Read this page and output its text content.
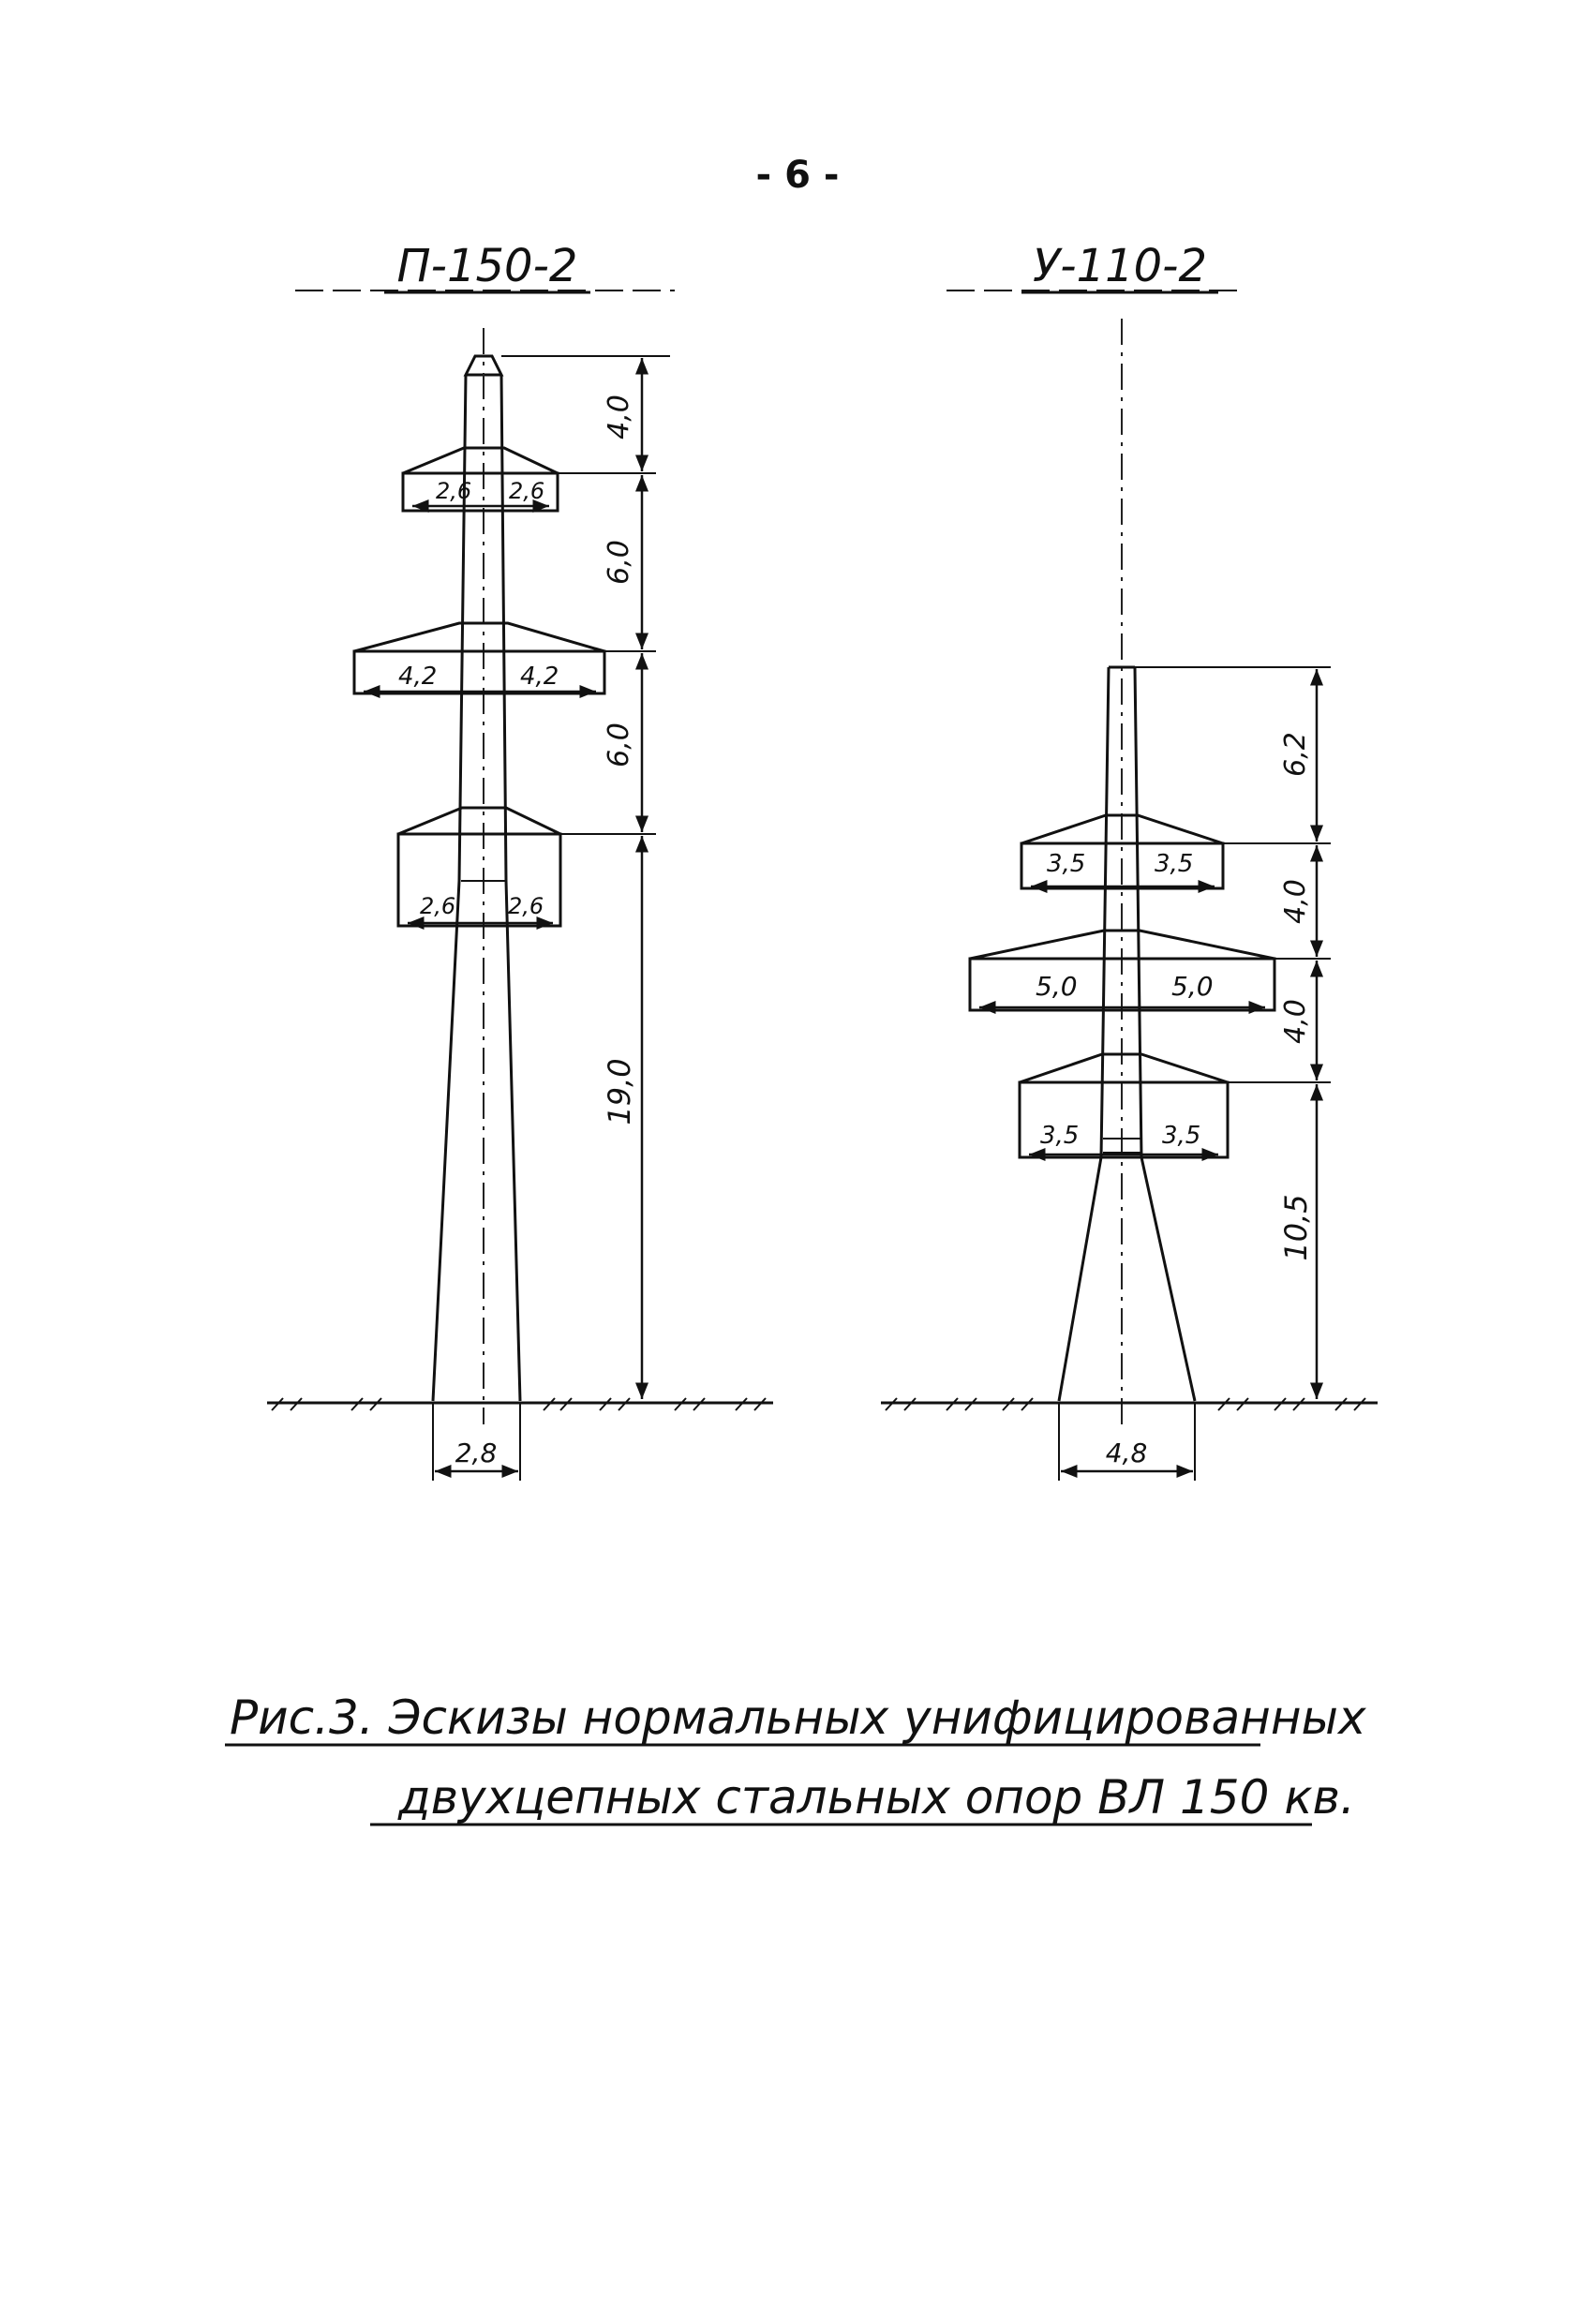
- 6 -
П-150-2
2,6 2,6
4,2	4,2
2,6 2,6
4,0
6,0
6,0
19,0
2,8
У-110-2
3,5	3,5
5,0	5,0
3,5	3,5
6,2
4,0
4,0
10,5
4,8
Рис.3. Эскизы нормальных унифицированных
двухцепных стальных опор ВЛ 150 кв.
